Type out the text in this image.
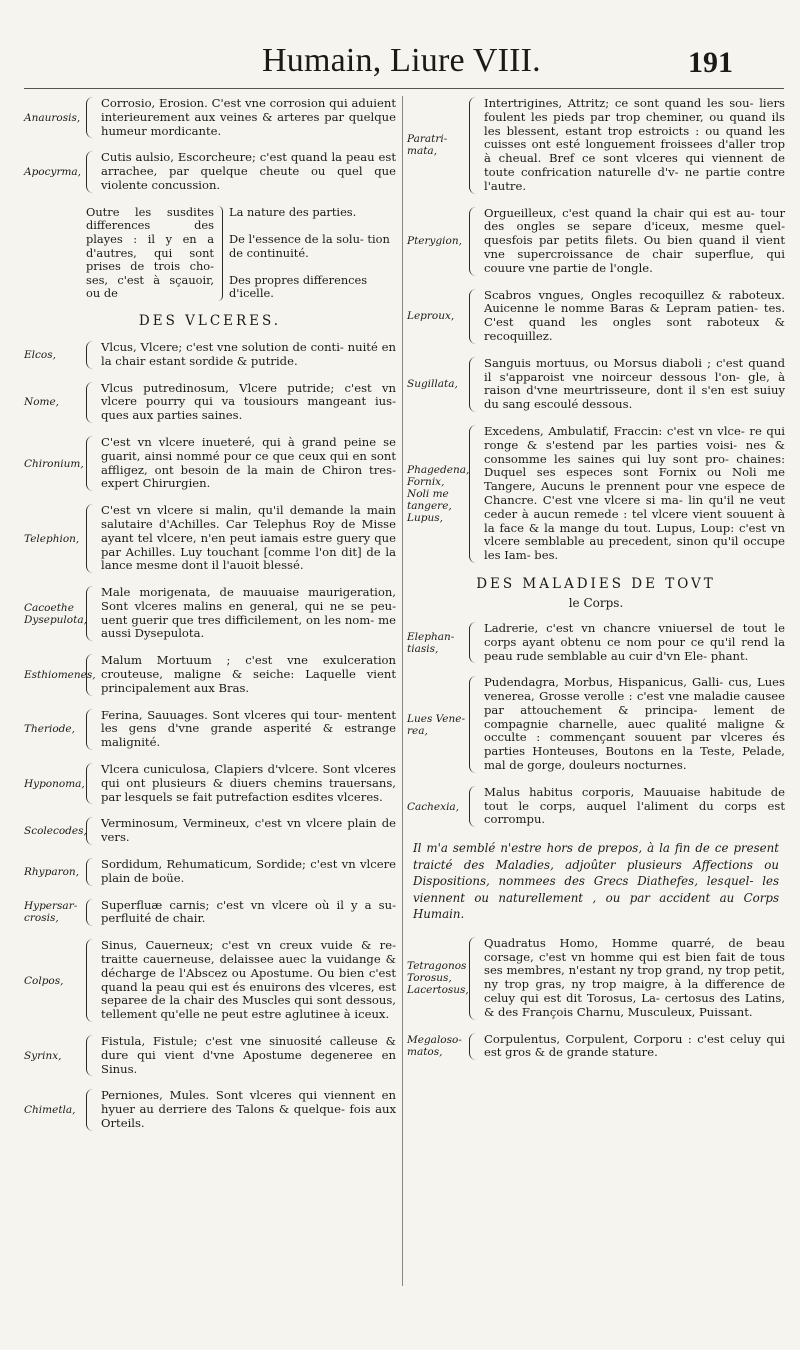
Humain, Liure VIII.	191
Anaurosis,
Corrosio, Erosion. C'est vne corrosion qui aduient interieurement aux veines & arteres par quelque humeur mordicante.
Apocyrma,
Cutis aulsio, Escorcheure; c'est quand la peau est arrachee, par quelque cheute ou quel que violente concussion.
Outre les susdites differences des playes : il y en a d'autres, qui sont prises de trois cho- ses, c'est à sçauoir, ou de
La nature des parties.
De l'essence de la solu- tion de continuité.
Des propres differences d'icelle.
DES VLCERES.
Elcos,
Vlcus, Vlcere; c'est vne solution de conti- nuité en la chair estant sordide & putride.
Nome,
Vlcus putredinosum, Vlcere putride; c'est vn vlcere pourry qui va tousiours mangeant ius- ques aux parties saines.
Chironium,
C'est vn vlcere inueteré, qui à grand peine se guarit, ainsi nommé pour ce que ceux qui en sont affligez, ont besoin de la main de Chiron tres-expert Chirurgien.
Telephion,
C'est vn vlcere si malin, qu'il demande la main salutaire d'Achilles. Car Telephus Roy de Misse ayant tel vlcere, n'en peut iamais estre guery que par Achilles. Luy touchant [comme l'on dit] de la lance mesme dont il l'auoit blessé.
Cacoethe Dysepulota,
Male morigenata, de mauuaise maurigeration, Sont vlceres malins en general, qui ne se peu- uent guerir que tres difficilement, on les nom- me aussi Dysepulota.
Esthiomenes,
Malum Mortuum ; c'est vne exulceration crouteuse, maligne & seiche: Laquelle vient principalement aux Bras.
Theriode,
Ferina, Sauuages. Sont vlceres qui tour- mentent les gens d'vne grande asperité & estrange malignité.
Hyponoma,
Vlcera cuniculosa, Clapiers d'vlcere. Sont vlceres qui ont plusieurs & diuers chemins trauersans, par lesquels se fait putrefaction esdites vlceres.
Scolecodes,
Verminosum, Vermineux, c'est vn vlcere plain de vers.
Rhyparon,
Sordidum, Rehumaticum, Sordide; c'est vn vlcere plain de boüe.
Hypersar- crosis,
Superfluæ carnis; c'est vn vlcere où il y a su- perfluité de chair.
Colpos,
Sinus, Cauerneux; c'est vn creux vuide & re- traitte cauerneuse, delaissee auec la vuidange & décharge de l'Abscez ou Apostume. Ou bien c'est quand la peau qui est és enuirons des vlceres, est separee de la chair des Muscles qui sont dessous, tellement qu'elle ne peut estre aglutinee à iceux.
Syrinx,
Fistula, Fistule; c'est vne sinuosité calleuse & dure qui vient d'vne Apostume degeneree en Sinus.
Chimetla,
Perniones, Mules. Sont vlceres qui viennent en hyuer au derriere des Talons & quelque- fois aux Orteils.
Paratri- mata,
Intertrigines, Attritz; ce sont quand les sou- liers foulent les pieds par trop cheminer, ou quand ils les blessent, estant trop estroicts : ou quand les cuisses ont esté longuement froissees d'aller trop à cheual. Bref ce sont vlceres qui viennent de toute confrication naturelle d'v- ne partie contre l'autre.
Pterygion,
Orgueilleux, c'est quand la chair qui est au- tour des ongles se separe d'iceux, mesme quel- quesfois par petits filets. Ou bien quand il vient vne supercroissance de chair superflue, qui couure vne partie de l'ongle.
Leproux,
Scabros vngues, Ongles recoquillez & raboteux. Auicenne le nomme Baras & Lepram patien- tes. C'est quand les ongles sont raboteux & recoquillez.
Sugillata,
Sanguis mortuus, ou Morsus diaboli ; c'est quand il s'apparoist vne noirceur dessous l'on- gle, à raison d'vne meurtrisseure, dont il s'en est suiuy du sang escoulé dessous.
Phagedena, Fornix, Noli me tangere, Lupus,
Excedens, Ambulatif, Fraccin: c'est vn vlce- re qui ronge & s'estend par les parties voisi- nes & consomme les saines qui luy sont pro- chaines: Duquel ses especes sont Fornix ou Noli me Tangere, Aucuns le prennent pour vne espece de Chancre. C'est vne vlcere si ma- lin qu'il ne veut ceder à aucun remede : tel vlcere vient souuent à la face & la mange du tout. Lupus, Loup: c'est vn vlcere semblable au precedent, sinon qu'il occupe les Iam- bes.
DES MALADIES DE TOVT
le Corps.
Elephan- tiasis,
Ladrerie, c'est vn chancre vniuersel de tout le corps ayant obtenu ce nom pour ce qu'il rend la peau rude semblable au cuir d'vn Ele- phant.
Lues Vene- rea,
Pudendagra, Morbus, Hispanicus, Galli- cus, Lues venerea, Grosse verolle : c'est vne maladie causee par attouchement & principa- lement de compagnie charnelle, auec qualité maligne & occulte : commençant souuent par vlceres és parties Honteuses, Boutons en la Teste, Pelade, mal de gorge, douleurs nocturnes.
Cachexia,
Malus habitus corporis, Mauuaise habitude de tout le corps, auquel l'aliment du corps est corrompu.
Il m'a semblé n'estre hors de prepos, à la fin de ce present traicté des Maladies, adjoûter plusieurs Affections ou Dispositions, nommees des Grecs Diathefes, lesquel- les viennent ou naturellement , ou par accident au Corps Humain.
Tetragonos Torosus, Lacertosus,
Quadratus Homo, Homme quarré, de beau corsage, c'est vn homme qui est bien fait de tous ses membres, n'estant ny trop grand, ny trop petit, ny trop gras, ny trop maigre, à la difference de celuy qui est dit Torosus, La- certosus des Latins, & des François Charnu, Musculeux, Puissant.
Megaloso- matos,
Corpulentus, Corpulent, Corporu : c'est celuy qui est gros & de grande stature.
